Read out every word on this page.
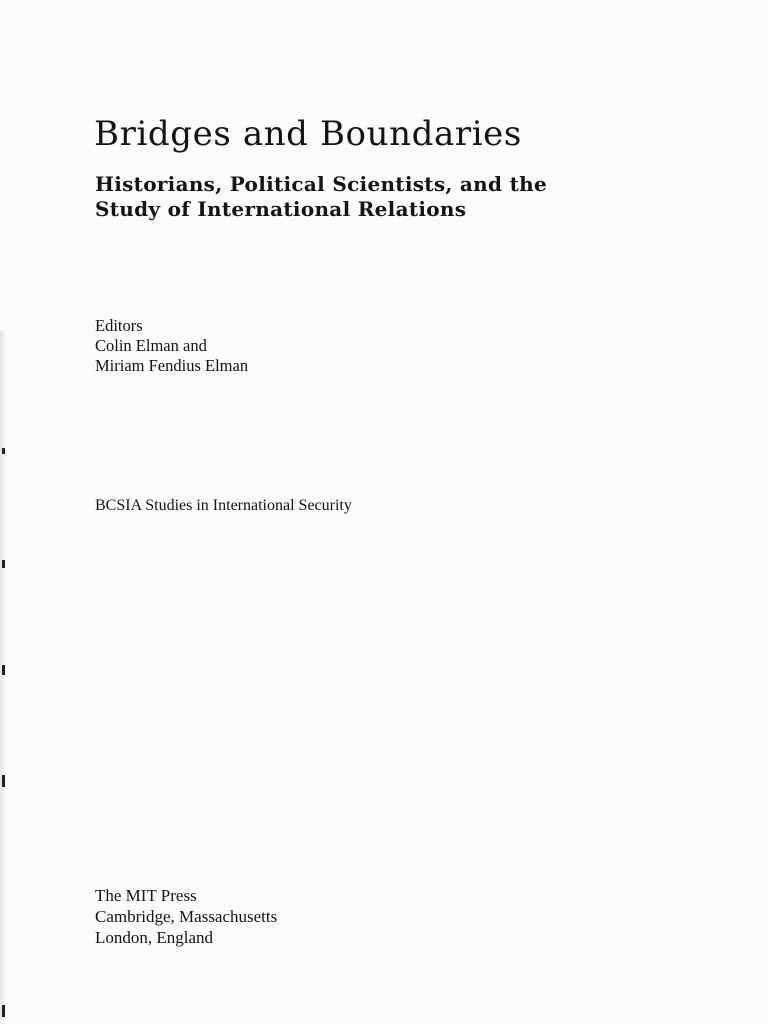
Bridges and Boundaries
Historians, Political Scientists, and the
Study of International Relations
Editors
Colin Elman and
Miriam Fendius Elman
BCSIA Studies in International Security
The MIT Press
Cambridge, Massachusetts
London, England
